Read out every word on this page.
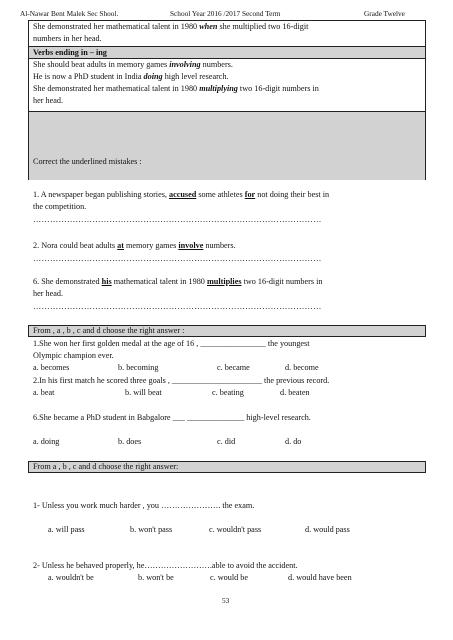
Al-Nawar Bent Malek Sec Shool.	School Year 2016 /2017 Second Term	Grade Twelve
She demonstrated her mathematical talent in 1980 when she multiplied two 16-digit
numbers in her head.
Verbs ending in – ing
She should beat adults in memory games involving numbers.
He is now a PhD student in India doing high level research.
She demonstrated her mathematical talent in 1980 multiplying two 16-digit numbers in
her head.
Correct the underlined mistakes :
1. A newspaper began publishing stories, accused some athletes for not doing their best in
the competition.
…………………………………………………………………………………………
2. Nora could beat adults at memory games involve numbers.
…………………………………………………………………………………………
6. She demonstrated his mathematical talent in 1980 multiplies two 16-digit numbers in
her head.
…………………………………………………………………………………………
From , a , b , c and d choose the right answer :
1.She won her first golden medal at the age of 16 , ________________ the youngest
Olympic champion ever.
a. becomes	b. becoming	c. became	d. become
2.In his first match he scored three goals , ______________________ the previous record.
a. beat	b. will beat	c. beating	d. beaten
6.She became a PhD student in Babgalore ___ ______________ high-level research.
a. doing	b. does	c. did	d. do
From a , b , c and d choose the right answer:
1- Unless you work much harder , you …………………. the exam.
a. will pass	b. won't pass	c. wouldn't pass	d. would pass
2- Unless he behaved properly, he…………………….able to avoid the accident.
a. wouldn't be	b. won't be	c. would be	d. would have been
53
